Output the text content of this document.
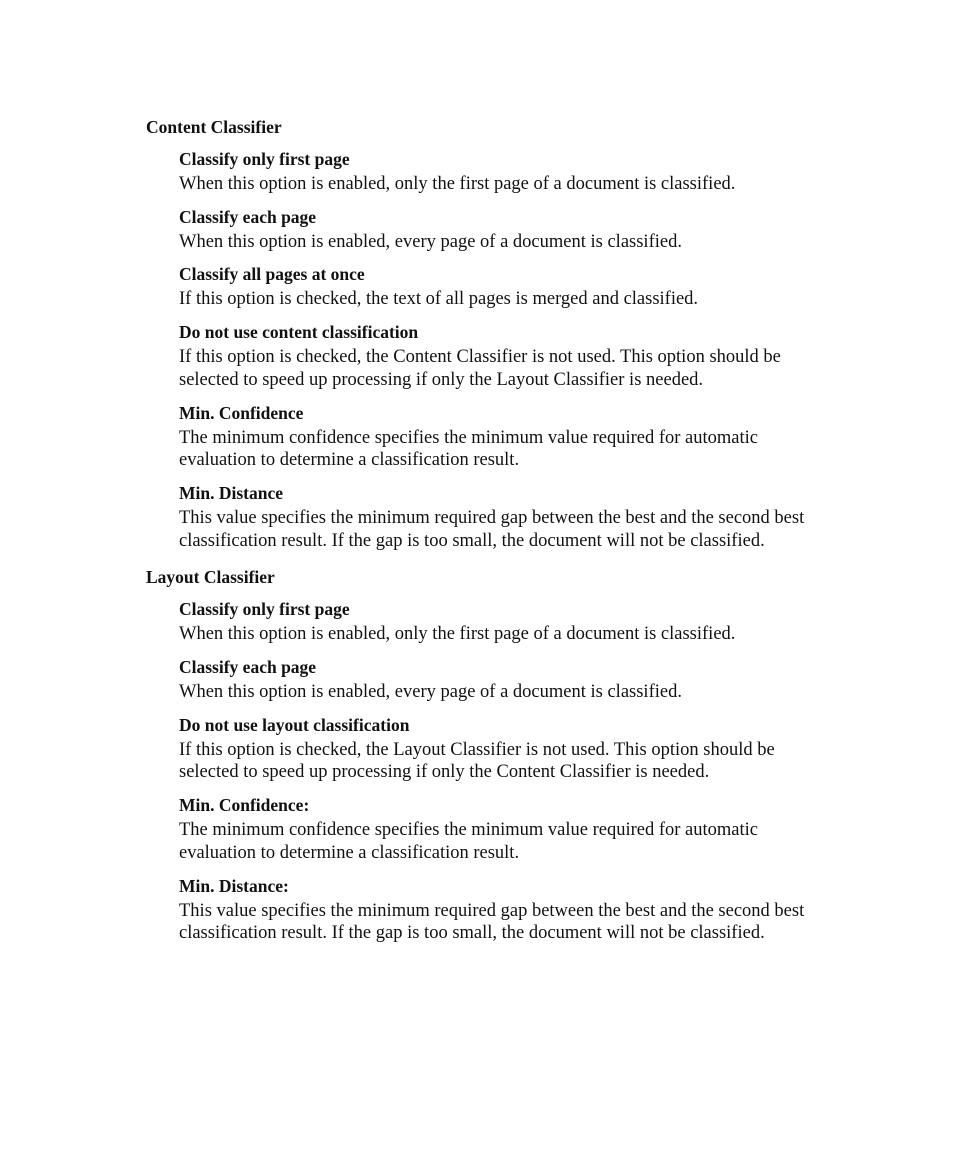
Content Classifier

Classify only first page

When this option is enabled, only the first page of a document is classified.

Classify each page

When this option is enabled, every page of a document is classified.

Classify all pages at once

If this option is checked, the text of all pages is merged and classified.

Do not use content classification

If this option is checked, the Content Classifier is not used. This option should be selected to speed up processing if only the Layout Classifier is needed.

Min. Confidence

The minimum confidence specifies the minimum value required for automatic evaluation to determine a classification result.

Min. Distance

This value specifies the minimum required gap between the best and the second best classification result. If the gap is too small, the document will not be classified.

Layout Classifier

Classify only first page

When this option is enabled, only the first page of a document is classified.

Classify each page

When this option is enabled, every page of a document is classified.

Do not use layout classification

If this option is checked, the Layout Classifier is not used. This option should be selected to speed up processing if only the Content Classifier is needed.

Min. Confidence:

The minimum confidence specifies the minimum value required for automatic evaluation to determine a classification result.

Min. Distance:

This value specifies the minimum required gap between the best and the second best classification result. If the gap is too small, the document will not be classified.
